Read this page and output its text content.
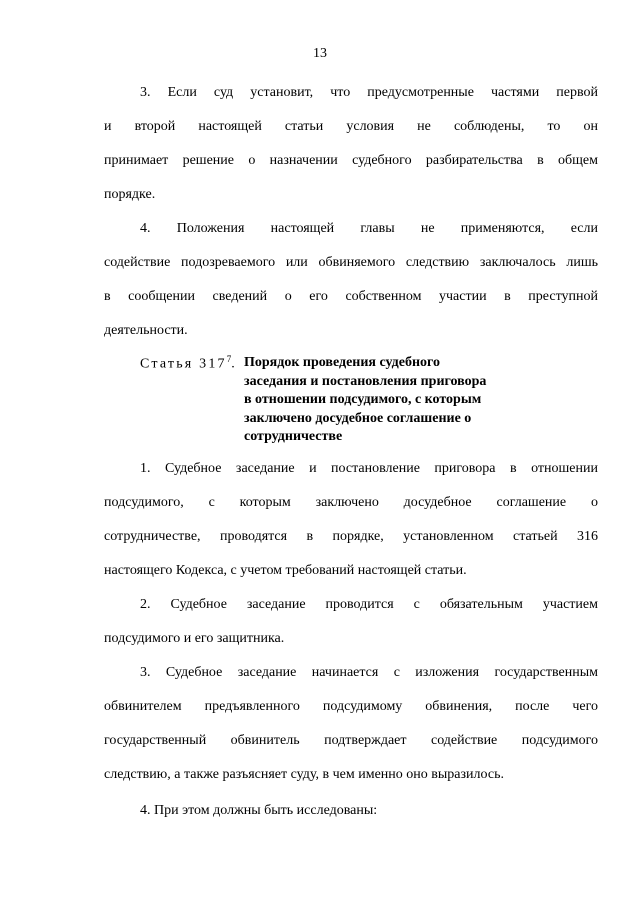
13
3. Если суд установит, что предусмотренные частями первой
и второй настоящей статьи условия не соблюдены, то он
принимает решение о назначении судебного разбирательства в общем
порядке.
4. Положения настоящей главы не применяются, если
содействие подозреваемого или обвиняемого следствию заключалось лишь
в сообщении сведений о его собственном участии в преступной
деятельности.
Статья $317^7$. Порядок проведения судебного
заседания и постановления приговора
в отношении подсудимого, с которым
заключено досудебное соглашение о
сотрудничестве
1. Судебное заседание и постановление приговора в отношении
подсудимого, с которым заключено досудебное соглашение о
сотрудничестве, проводятся в порядке, установленном статьей 316
настоящего Кодекса, с учетом требований настоящей статьи.
2. Судебное заседание проводится с обязательным участием
подсудимого и его защитника.
3. Судебное заседание начинается с изложения государственным
обвинителем предъявленного подсудимому обвинения, после чего
государственный обвинитель подтверждает содействие подсудимого
следствию, а также разъясняет суду, в чем именно оно выразилось.
4. При этом должны быть исследованы:
